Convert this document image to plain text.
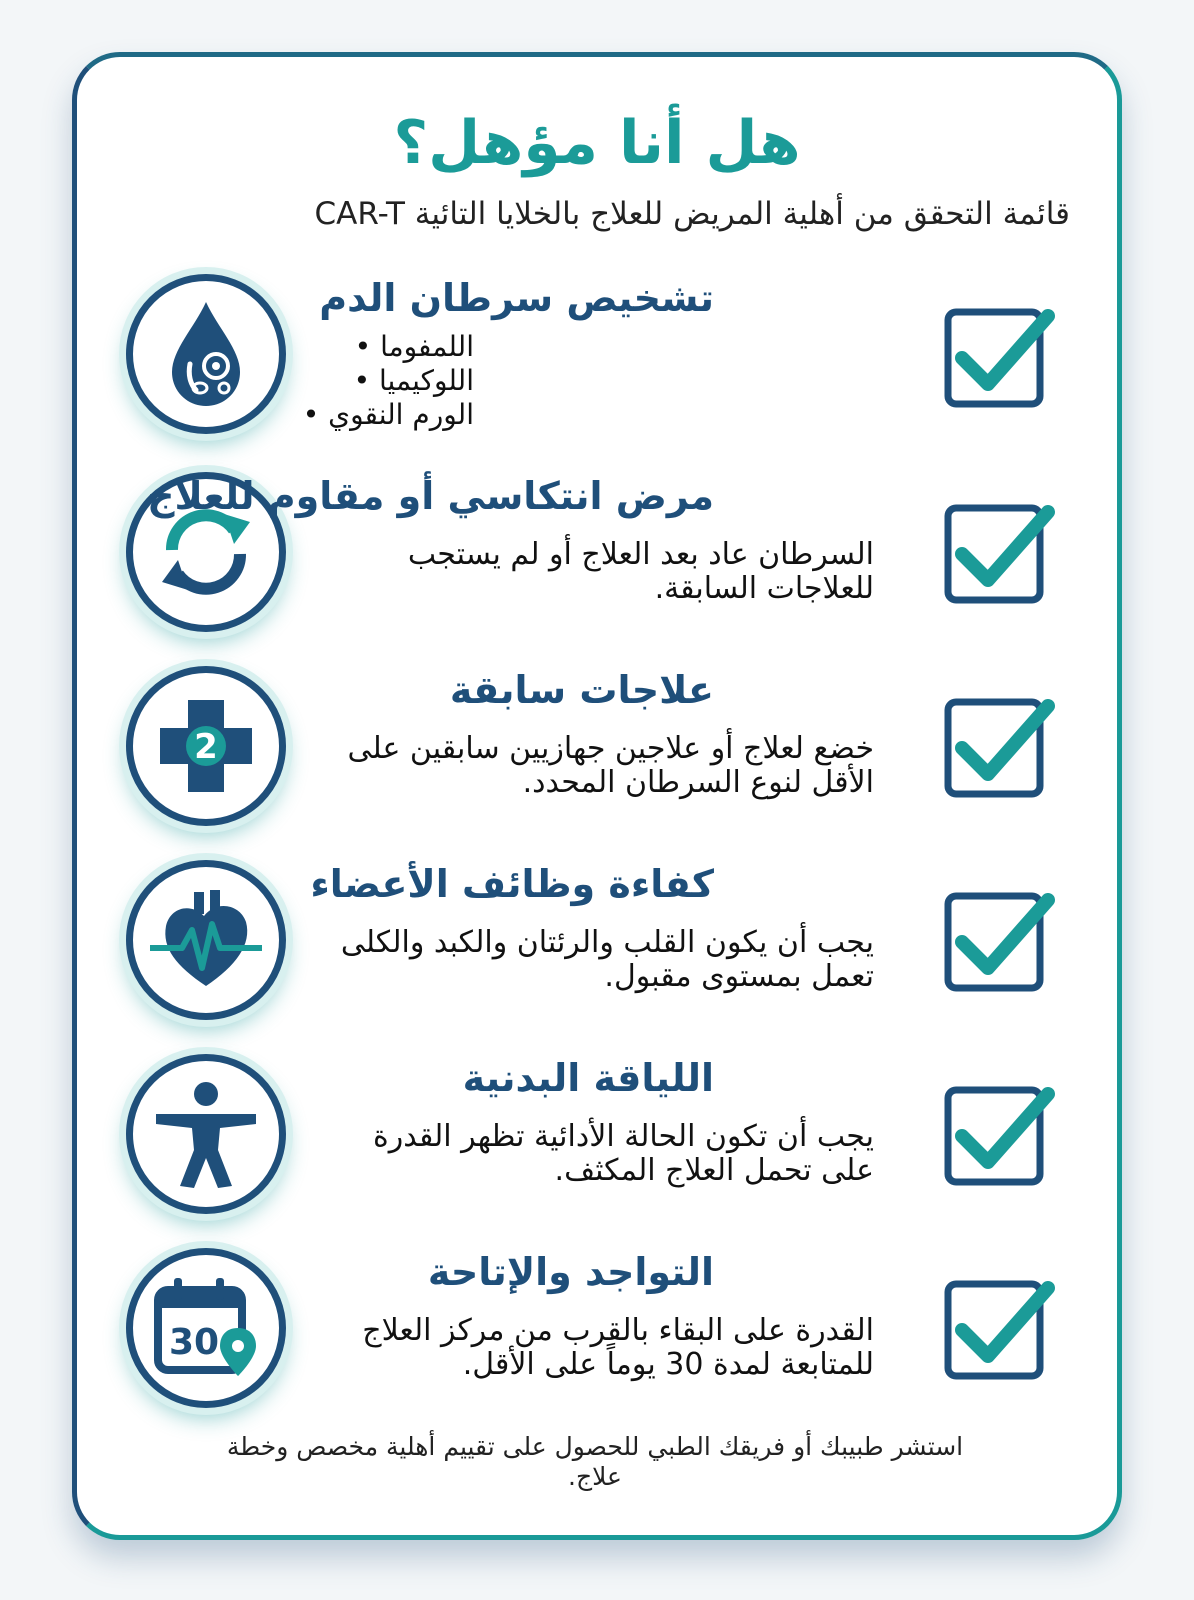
هل أنا مؤهل؟

قائمة التحقق من أهلية المريض للعلاج بالخلايا التائية CAR-T

تشخيص سرطان الدم
اللمفوما •
اللوكيميا •
الورم النقوي •
مرض انتكاسي أو مقاوم للعلاج

السرطان عاد بعد العلاج أو لم يستجب للعلاجات السابقة.

2
علاجات سابقة

خضع لعلاج أو علاجين جهازيين سابقين على الأقل لنوع السرطان المحدد.

كفاءة وظائف الأعضاء

يجب أن يكون القلب والرئتان والكبد والكلى تعمل بمستوى مقبول.

اللياقة البدنية

يجب أن تكون الحالة الأدائية تظهر القدرة على تحمل العلاج المكثف.

30
التواجد والإتاحة

القدرة على البقاء بالقرب من مركز العلاج للمتابعة لمدة 30 يوماً على الأقل.

استشر طبيبك أو فريقك الطبي للحصول على تقييم أهلية مخصص وخطة علاج.
